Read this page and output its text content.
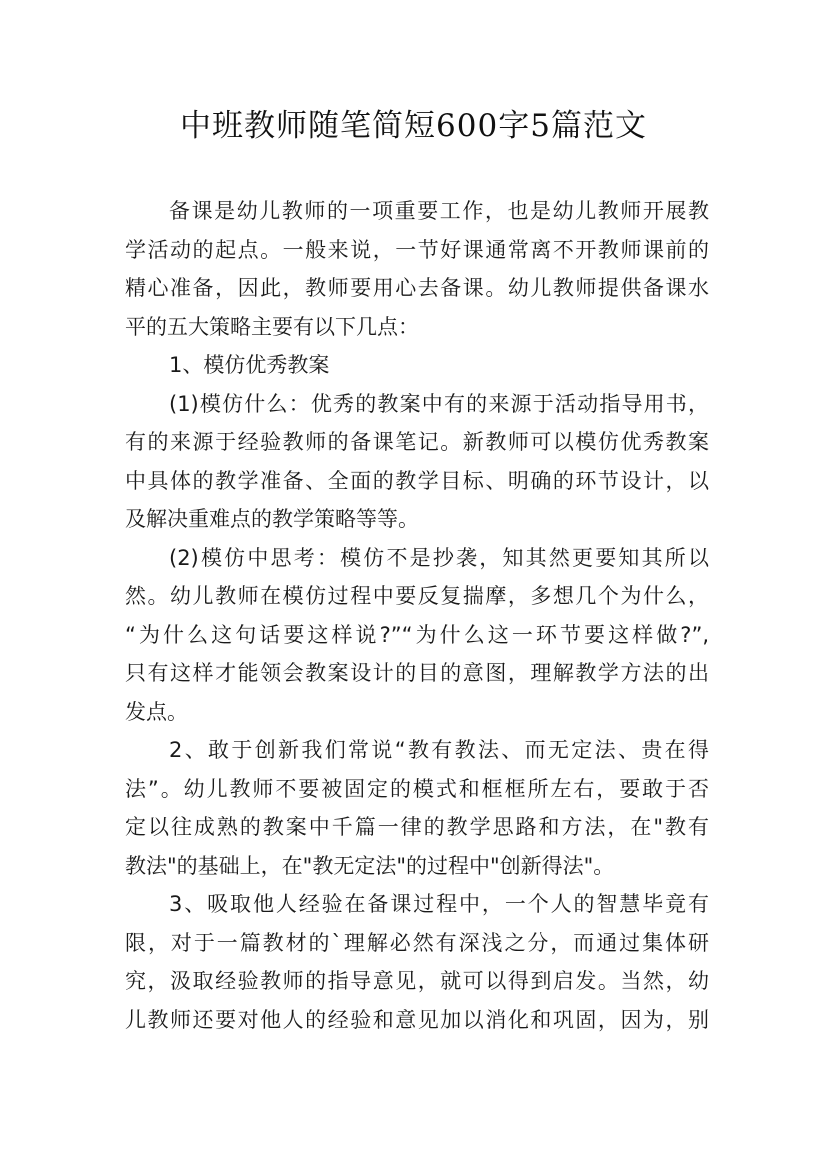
中班教师随笔简短600字5篇范文
备课是幼儿教师的一项重要工作，也是幼儿教师开展教
学活动的起点。一般来说，一节好课通常离不开教师课前的
精心准备，因此，教师要用心去备课。幼儿教师提供备课水
平的五大策略主要有以下几点：
1、模仿优秀教案
(1)模仿什么：优秀的教案中有的来源于活动指导用书，
有的来源于经验教师的备课笔记。新教师可以模仿优秀教案
中具体的教学准备、全面的教学目标、明确的环节设计，以
及解决重难点的教学策略等等。
(2)模仿中思考：模仿不是抄袭，知其然更要知其所以
然。幼儿教师在模仿过程中要反复揣摩，多想几个为什么，
“为什么这句话要这样说?”“为什么这一环节要这样做?”,
只有这样才能领会教案设计的目的意图，理解教学方法的出
发点。
2、敢于创新我们常说“教有教法、而无定法、贵在得
法”。幼儿教师不要被固定的模式和框框所左右，要敢于否
定以往成熟的教案中千篇一律的教学思路和方法，在"教有
教法"的基础上，在"教无定法"的过程中"创新得法"。
3、吸取他人经验在备课过程中，一个人的智慧毕竟有
限，对于一篇教材的`理解必然有深浅之分，而通过集体研
究，汲取经验教师的指导意见，就可以得到启发。当然，幼
儿教师还要对他人的经验和意见加以消化和巩固，因为，别
